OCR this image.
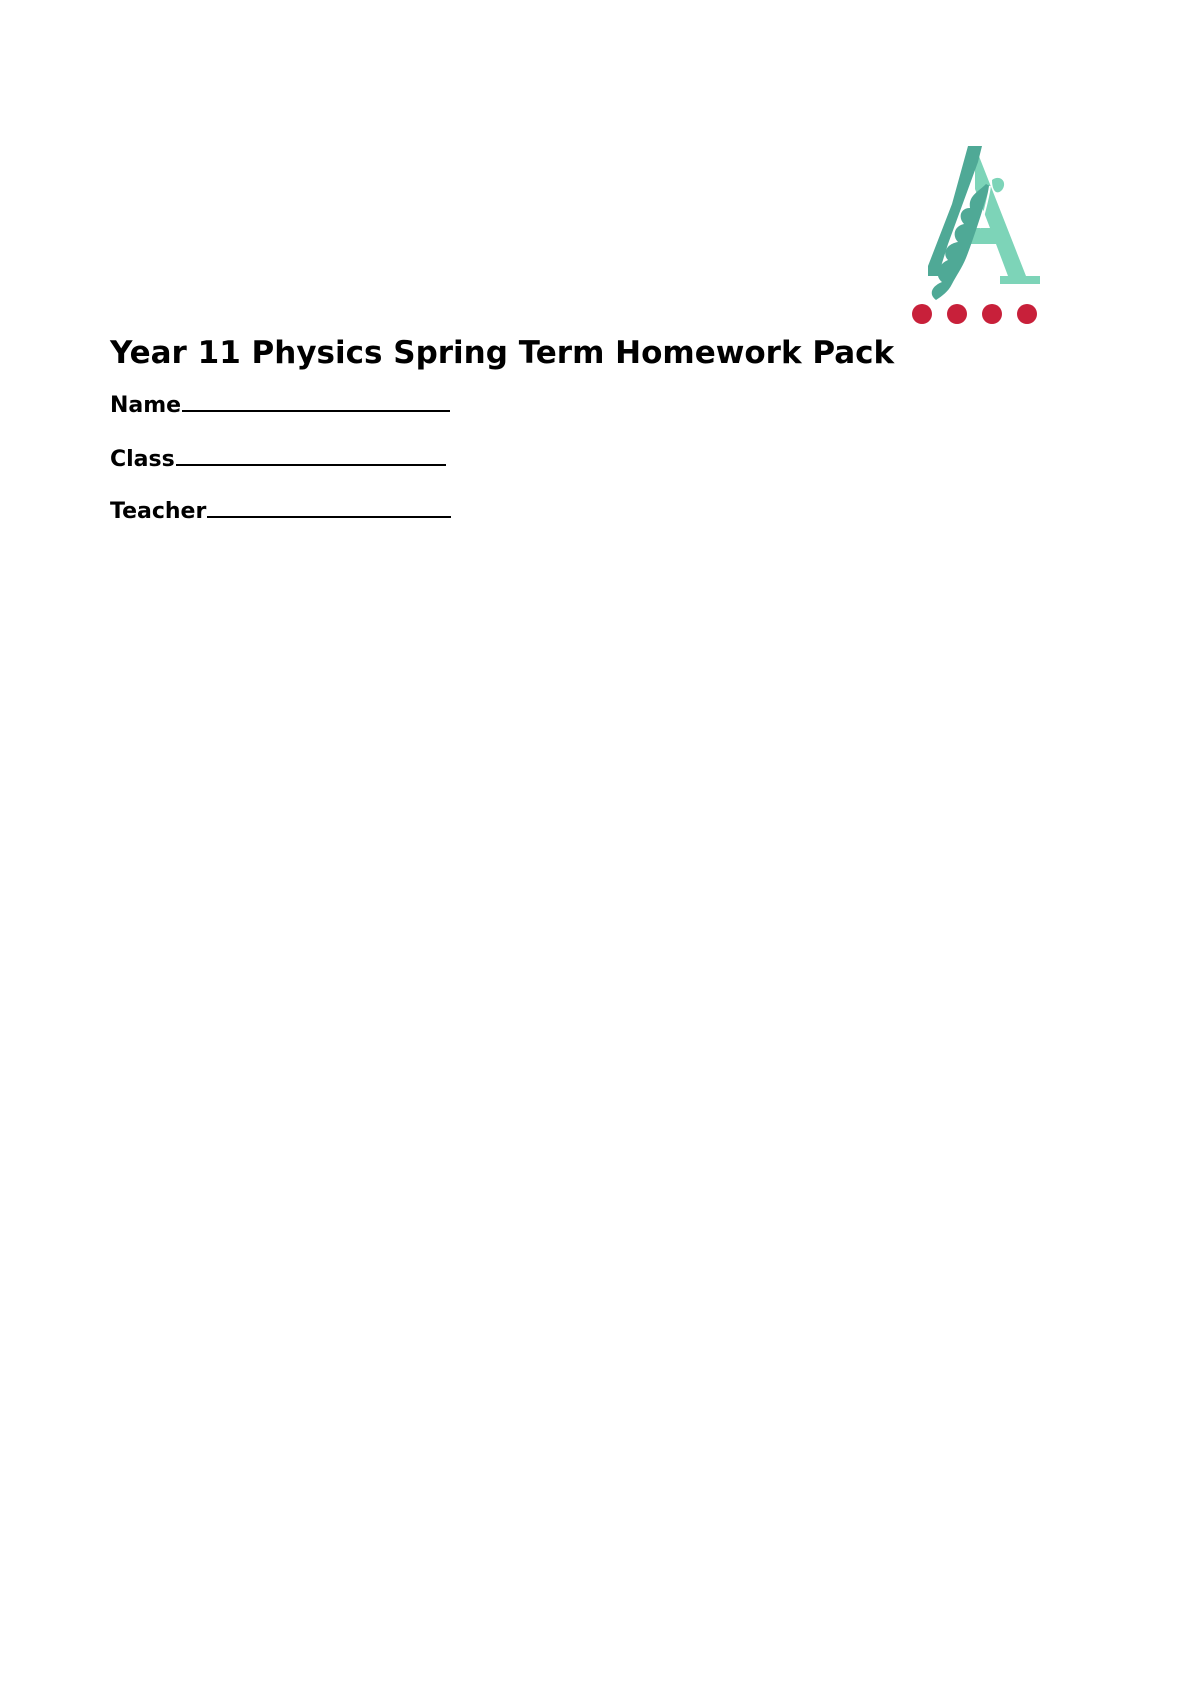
Year 11 Physics Spring Term Homework Pack
Name
Class
Teacher
